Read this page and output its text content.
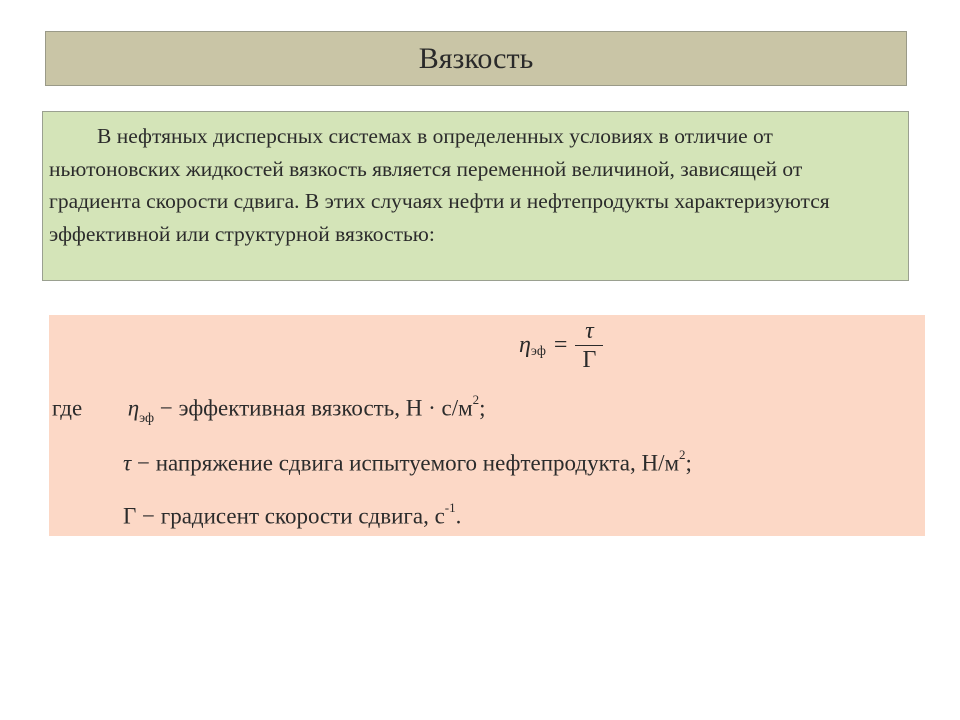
Вязкость

В нефтяных дисперсных системах в определенных условиях в отличие от ньютоновских жидкостей вязкость является переменной величиной, зависящей от градиента скорости сдвига. В этих случаях нефти и нефтепродукты характеризуются эффективной или структурной вязкостью:

η эф = $\frac{\tau}{\Gamma}$
где $\eta_{эф}$ − эффективная вязкость, $Н \cdot с/м^2$;
τ − напряжение сдвига испытуемого нефтепродукта, $Н/м^2$;
Γ − градисент скорости сдвига, $с^{-1}$.
